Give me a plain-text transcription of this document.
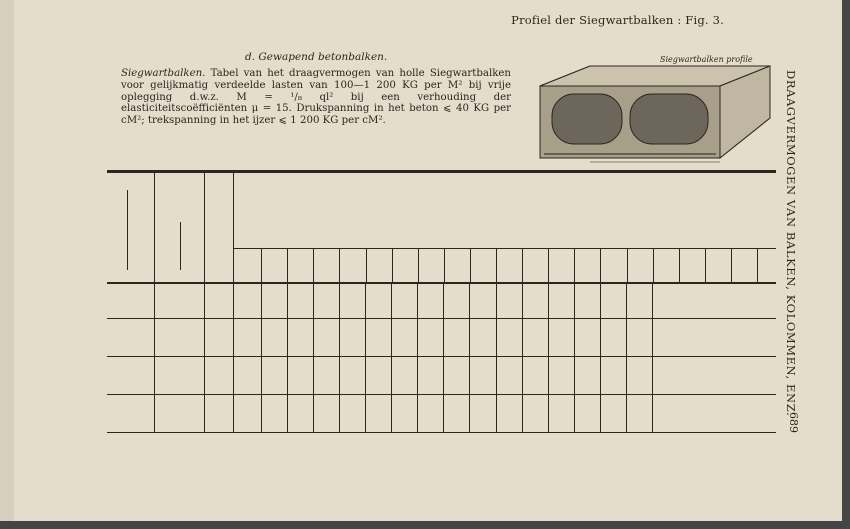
Profiel der Siegwartbalken : Fig. 3.
d. Gewapend betonbalken.
Siegwartbalken. Tabel van het draagvermogen van holle Siegwartbalken voor gelijkmatig verdeelde lasten van 100—1 200 KG per M² bij vrije oplegging d.w.z. M = ¹/₈ ql² bij een verhouding der elasticiteitscoëfficiënten μ = 15. Drukspanning in het beton ⩽ 40 KG per cM²; trekspanning in het ijzer ⩽ 1 200 KG per cM².
Siegwartbalken profile
DRAAGVERMOGEN VAN BALKEN, KOLOMMEN, ENZ.
689
